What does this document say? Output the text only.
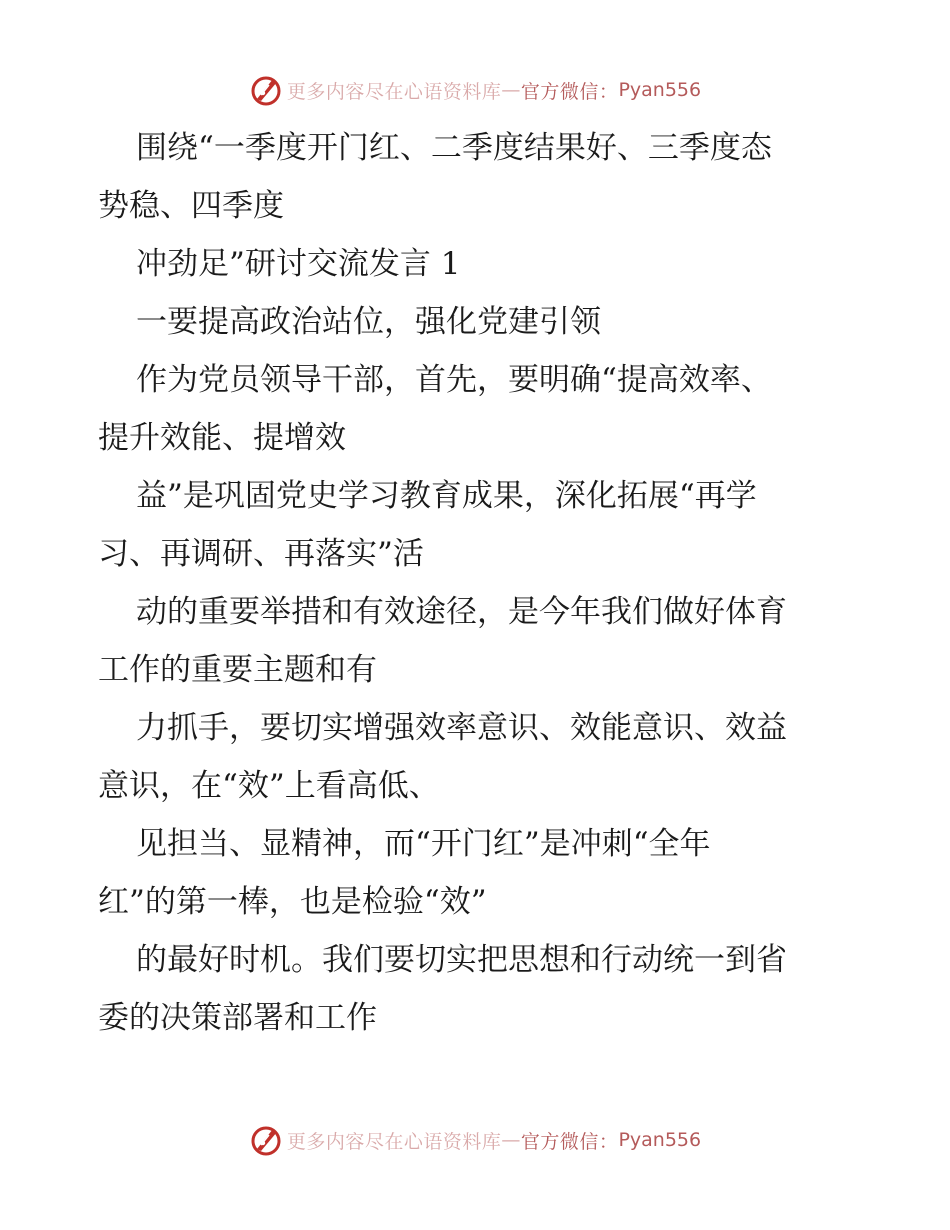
更多内容尽在心语资料库 — 官方微信： Pyan556

围绕“一季度开门红、二季度结果好、三季度态
势稳、四季度

冲劲足”研讨交流发言 1

一要提高政治站位，强化党建引领

作为党员领导干部，首先，要明确“提高效率、
提升效能、提增效

益”是巩固党史学习教育成果，深化拓展“再学
习、再调研、再落实”活

动的重要举措和有效途径，是今年我们做好体育
工作的重要主题和有

力抓手，要切实增强效率意识、效能意识、效益
意识，在“效”上看高低、

见担当、显精神，而“开门红”是冲刺“全年
红”的第一棒，也是检验“效”

的最好时机。我们要切实把思想和行动统一到省
委的决策部署和工作

更多内容尽在心语资料库 — 官方微信： Pyan556
